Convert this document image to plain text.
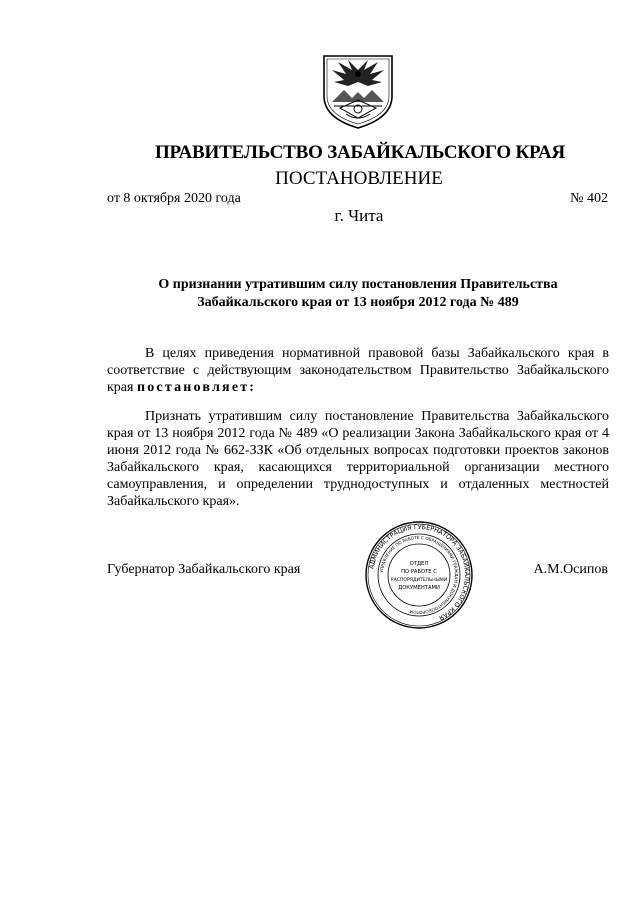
ПРАВИТЕЛЬСТВО ЗАБАЙКАЛЬСКОГО КРАЯ
ПОСТАНОВЛЕНИЕ
от 8 октября 2020 года	№ 402
г. Чита
О признании утратившим силу постановления Правительства
Забайкальского края от 13 ноября 2012 года № 489

В целях приведения нормативной правовой базы Забайкальского края в соответствие с действующим законодательством Правительство Забайкальского края постановляет:

Признать утратившим силу постановление Правительства Забайкальского края от 13 ноября 2012 года № 489 «О реализации Закона Забайкальского края от 4 июня 2012 года № 662-ЗЗК «Об отдельных вопросах подготовки проектов законов Забайкальского края, касающихся территориальной организации местного самоуправления, и определении труднодоступных и отдаленных местностей Забайкальского края».

Губернатор Забайкальского края	А.М.Осипов
АДМИНИСТРАЦИЯ ГУБЕРНАТОРА ЗАБАЙКАЛЬСКОГО КРАЯ
УПРАВЛЕНИЕ ПО РАБОТЕ С ОБРАЩЕНИЯМИ ГРАЖДАН И ДОКУМЕНТООБОРОТОМ
ОТДЕЛ
ПО РАБОТЕ С
РАСПОРЯДИТЕЛЬНЫМИ
ДОКУМЕНТАМИ
